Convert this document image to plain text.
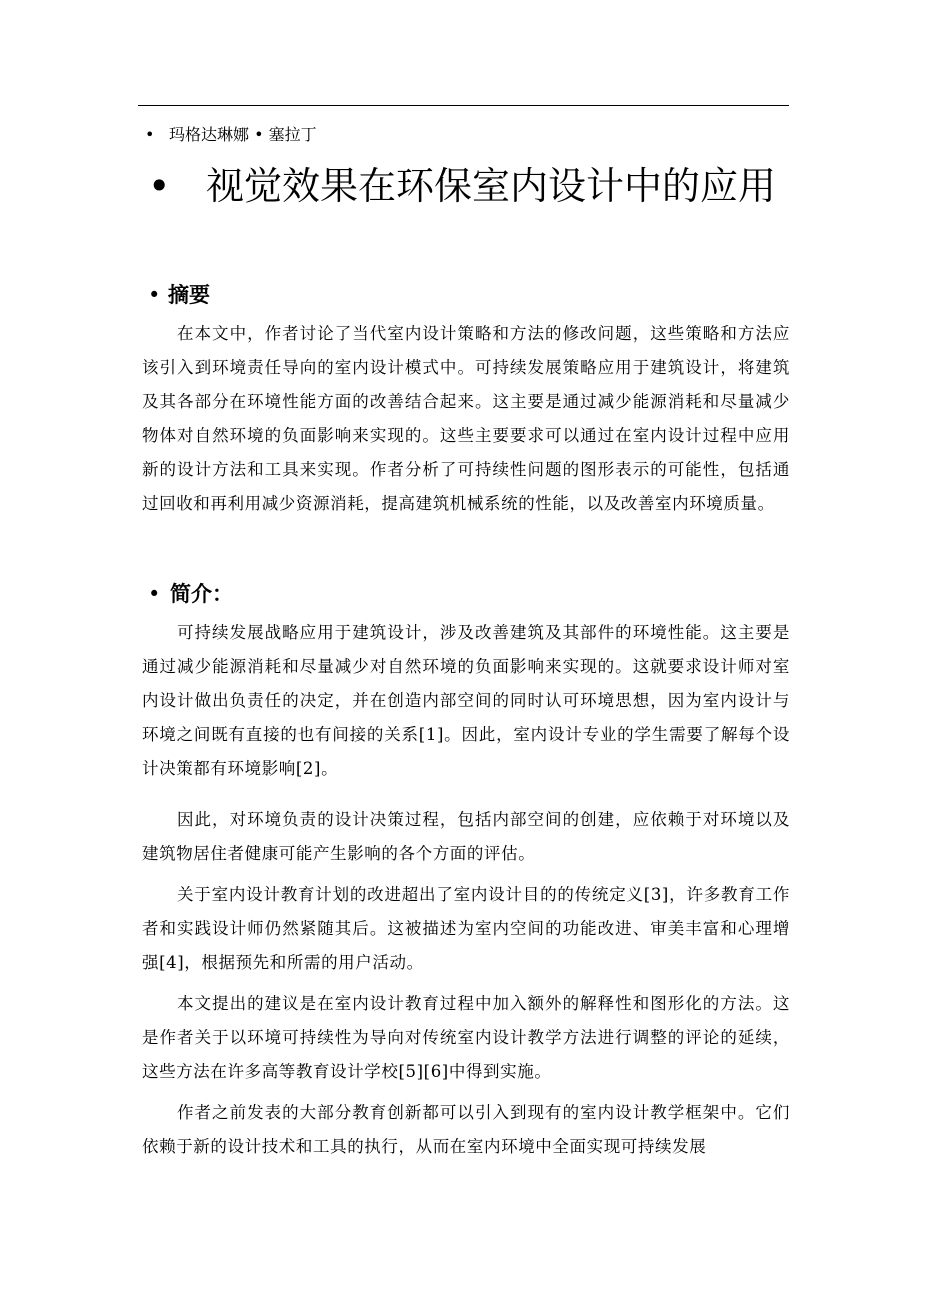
• 玛格达琳娜 • 塞拉丁
• 视觉效果在环保室内设计中的应用
• 摘要

在本文中，作者讨论了当代室内设计策略和方法的修改问题，这些策略和方法应该引入到环境责任导向的室内设计模式中。可持续发展策略应用于建筑设计，将建筑及其各部分在环境性能方面的改善结合起来。这主要是通过减少能源消耗和尽量减少物体对自然环境的负面影响来实现的。这些主要要求可以通过在室内设计过程中应用新的设计方法和工具来实现。作者分析了可持续性问题的图形表示的可能性，包括通过回收和再利用减少资源消耗，提高建筑机械系统的性能，以及改善室内环境质量。

• 简介：

可持续发展战略应用于建筑设计，涉及改善建筑及其部件的环境性能。这主要是通过减少能源消耗和尽量减少对自然环境的负面影响来实现的。这就要求设计师对室内设计做出负责任的决定，并在创造内部空间的同时认可环境思想，因为室内设计与环境之间既有直接的也有间接的关系[1]。因此，室内设计专业的学生需要了解每个设计决策都有环境影响[2]。

因此，对环境负责的设计决策过程，包括内部空间的创建，应依赖于对环境以及建筑物居住者健康可能产生影响的各个方面的评估。

关于室内设计教育计划的改进超出了室内设计目的的传统定义[3]，许多教育工作者和实践设计师仍然紧随其后。这被描述为室内空间的功能改进、审美丰富和心理增强[4]，根据预先和所需的用户活动。

本文提出的建议是在室内设计教育过程中加入额外的解释性和图形化的方法。这是作者关于以环境可持续性为导向对传统室内设计教学方法进行调整的评论的延续，这些方法在许多高等教育设计学校[5][6]中得到实施。

作者之前发表的大部分教育创新都可以引入到现有的室内设计教学框架中。它们依赖于新的设计技术和工具的执行，从而在室内环境中全面实现可持续发展
